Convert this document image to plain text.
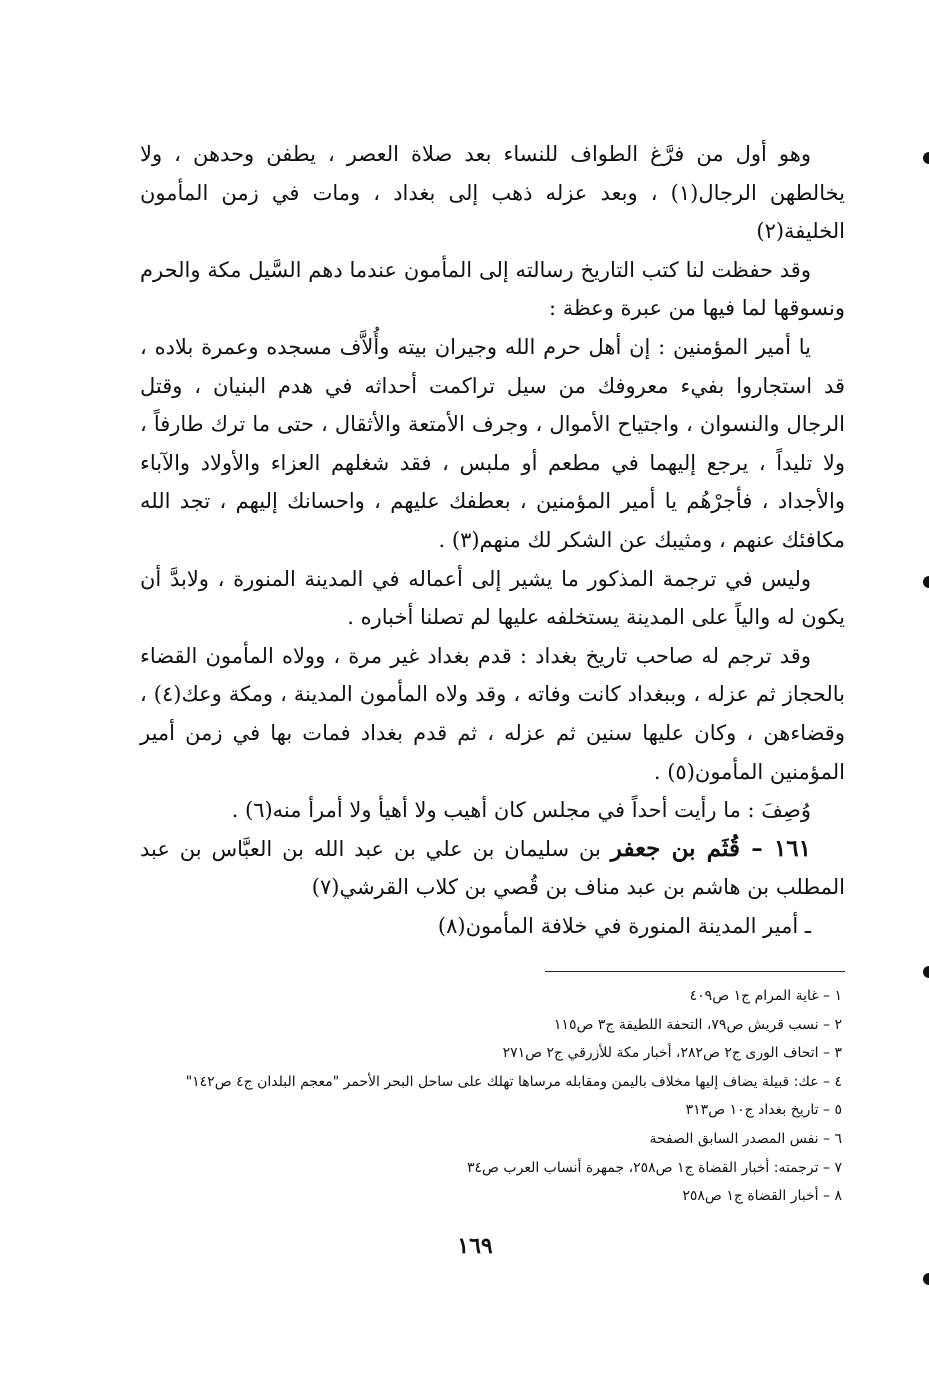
وهو أول من فرَّغ الطواف للنساء بعد صلاة العصر ، يطفن وحدهن ، ولا يخالطهن الرجال(١) ، وبعد عزله ذهب إلى بغداد ، ومات في زمن المأمون الخليفة(٢)

وقد حفظت لنا كتب التاريخ رسالته إلى المأمون عندما دهم السَّيل مكة والحرم ونسوقها لما فيها من عبرة وعظة :

يا أمير المؤمنين : إن أهل حرم الله وجيران بيته وأُلاَّف مسجده وعمرة بلاده ، قد استجاروا بفيء معروفك من سيل تراكمت أحداثه في هدم البنيان ، وقتل الرجال والنسوان ، واجتياح الأموال ، وجرف الأمتعة والأثقال ، حتى ما ترك طارفاً ، ولا تليداً ، يرجع إليهما في مطعم أو ملبس ، فقد شغلهم العزاء والأولاد والآباء والأجداد ، فأجرْهُم يا أمير المؤمنين ، بعطفك عليهم ، واحسانك إليهم ، تجد الله مكافئك عنهم ، ومثيبك عن الشكر لك منهم(٣) .

وليس في ترجمة المذكور ما يشير إلى أعماله في المدينة المنورة ، ولابدَّ أن يكون له والياً على المدينة يستخلفه عليها لم تصلنا أخباره .

وقد ترجم له صاحب تاريخ بغداد : قدم بغداد غير مرة ، وولاه المأمون القضاء بالحجاز ثم عزله ، وببغداد كانت وفاته ، وقد ولاه المأمون المدينة ، ومكة وعك(٤) ، وقضاءهن ، وكان عليها سنين ثم عزله ، ثم قدم بغداد فمات بها في زمن أمير المؤمنين المأمون(٥) .

وُصِفَ : ما رأيت أحداً في مجلس كان أهيب ولا أهيأ ولا أمرأ منه(٦) .

١٦١ – قُثَم بن جعفر بن سليمان بن علي بن عبد الله بن العبَّاس بن عبد المطلب بن هاشم بن عبد مناف بن قُصي بن كلاب القرشي(٧)

ـ أمير المدينة المنورة في خلافة المأمون(٨)

١ – غاية المرام ج١ ص٤٠٩
٢ – نسب قريش ص٧٩، التحفة اللطيفة ج٣ ص١١٥
٣ – اتحاف الورى ج٢ ص٢٨٢، أخبار مكة للأزرقي ج٢ ص٢٧١
٤ – عك: قبيلة يضاف إليها مخلاف باليمن ومقابله مرساها تهلك على ساحل البحر الأحمر "معجم البلدان ج٤ ص١٤٢"
٥ – تاريخ بغداد ج١٠ ص٣١٣
٦ – نفس المصدر السابق الصفحة
٧ – ترجمته: أخبار القضاة ج١ ص٢٥٨، جمهرة أنساب العرب ص٣٤
٨ – أخبار القضاة ج١ ص٢٥٨
١٦٩
